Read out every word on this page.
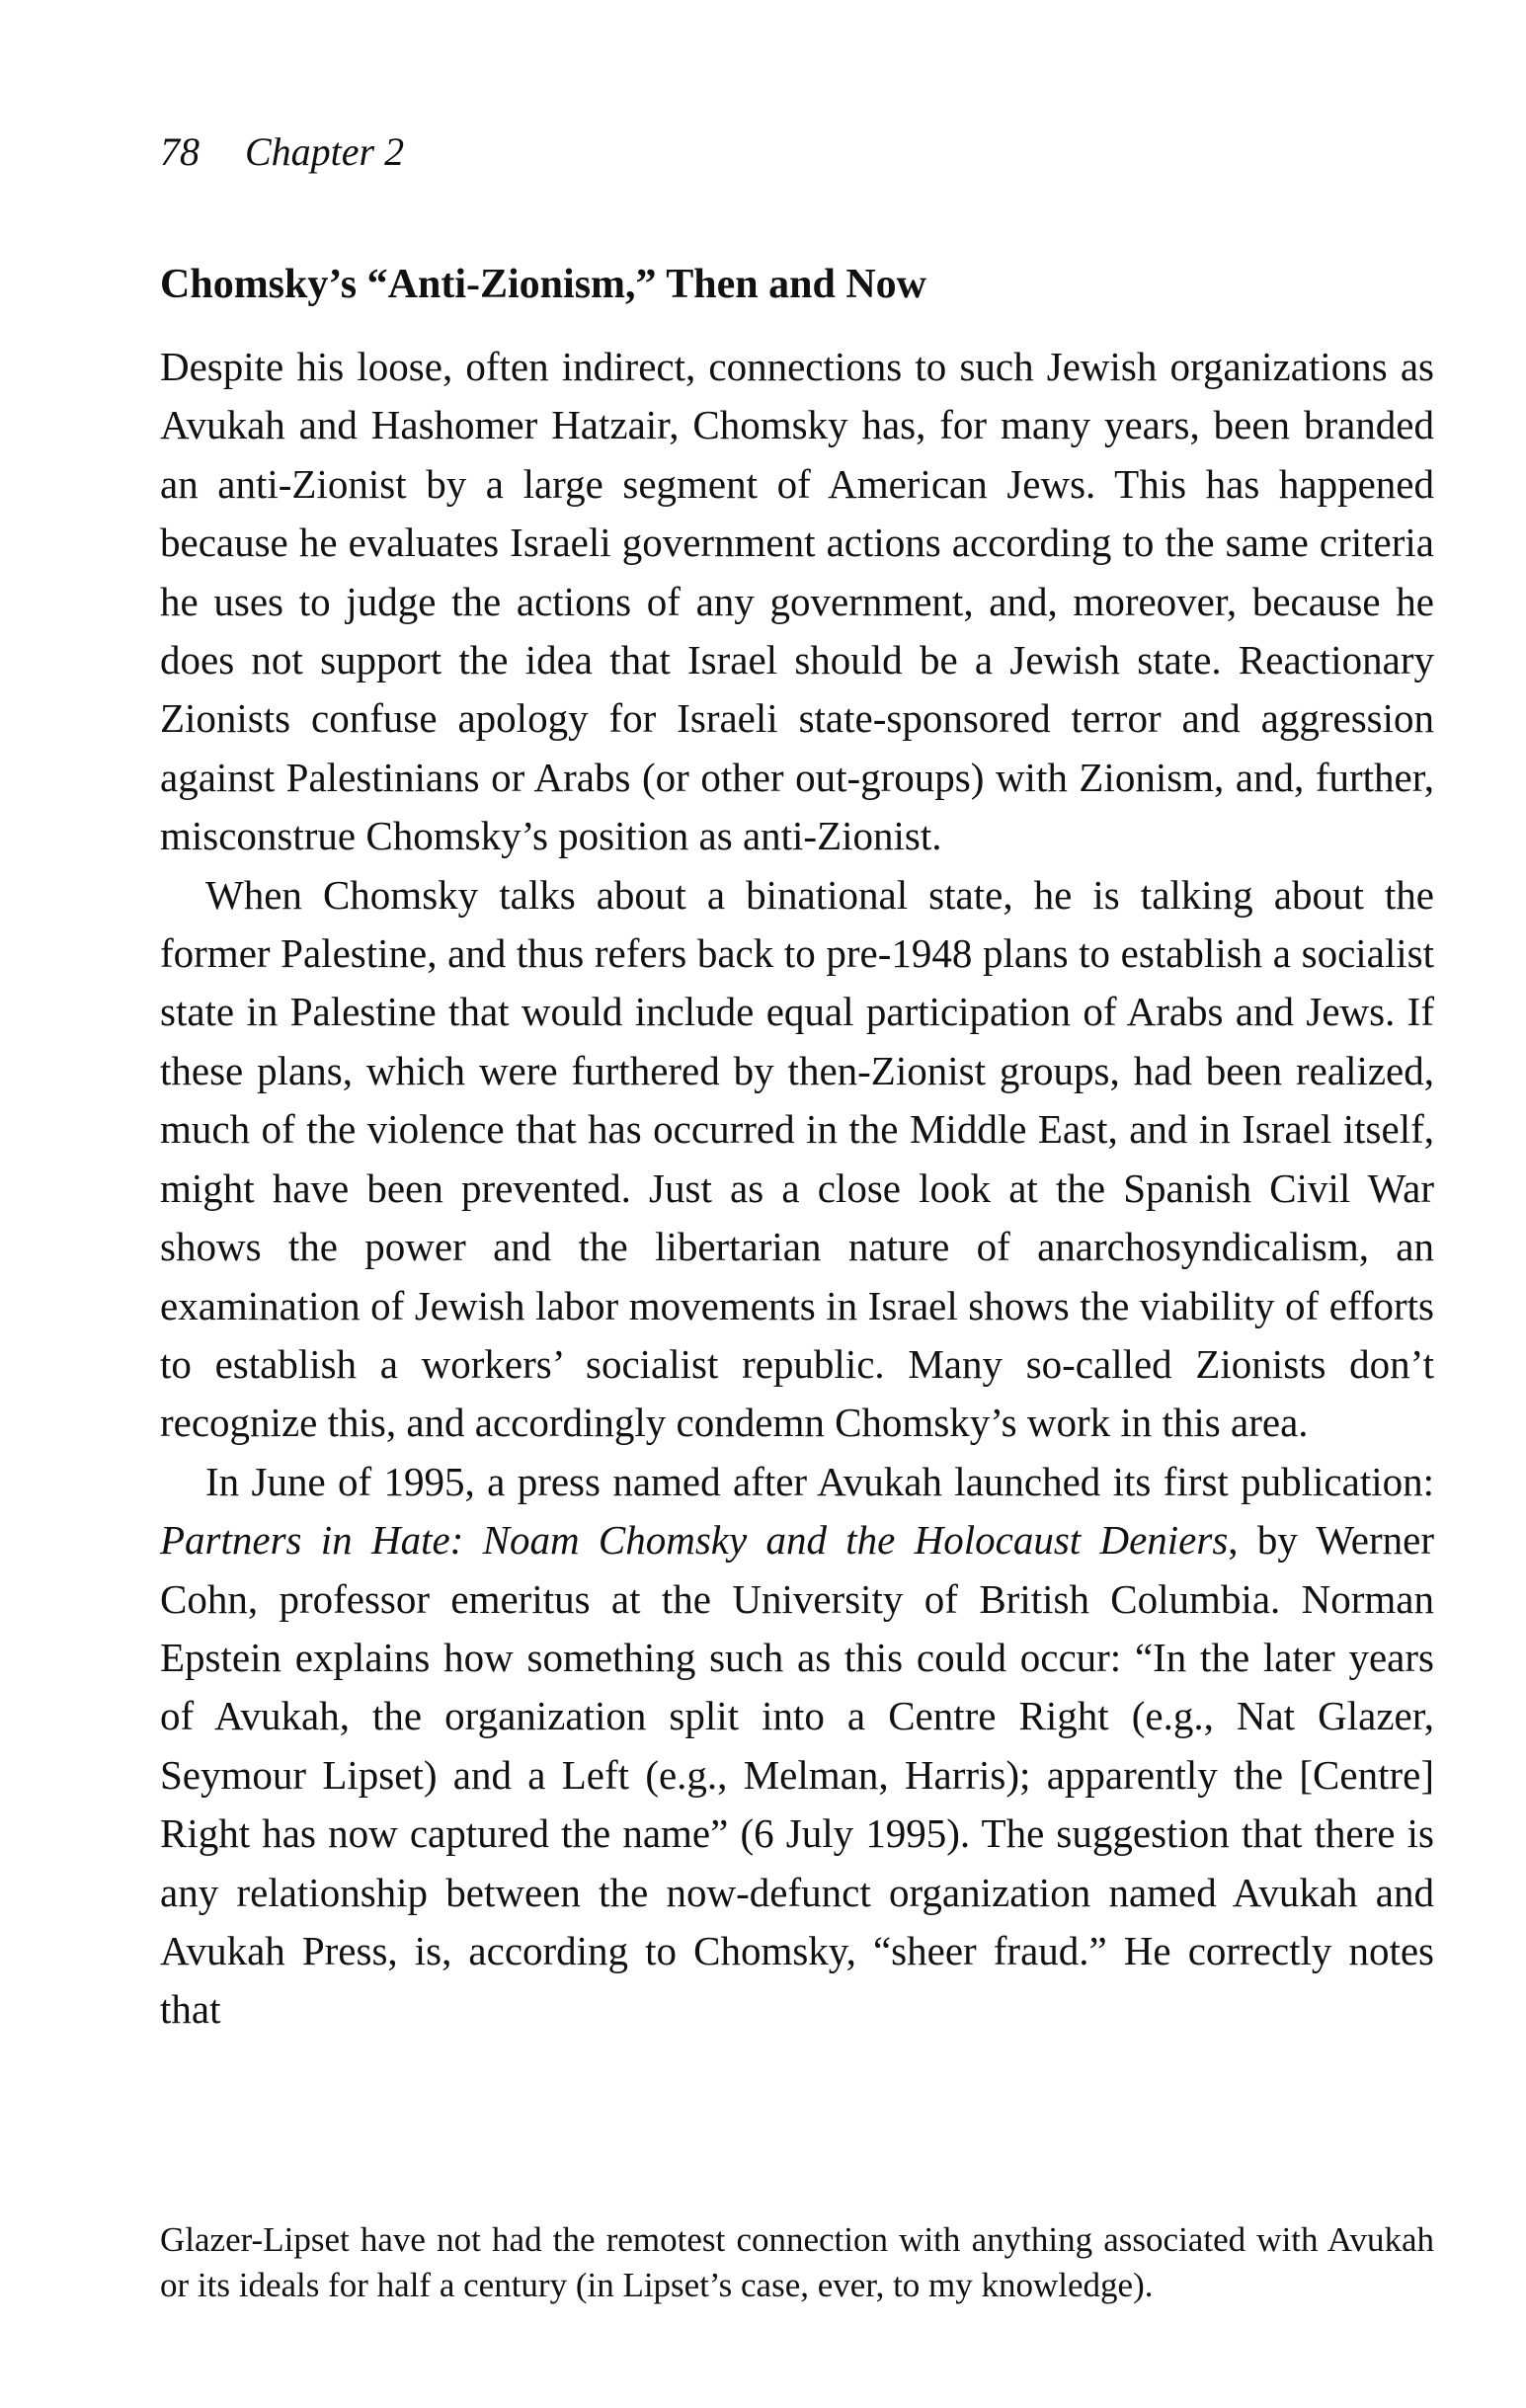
78 Chapter 2
Chomsky’s “Anti-Zionism,” Then and Now

Despite his loose, often indirect, connections to such Jewish organizations as Avukah and Hashomer Hatzair, Chomsky has, for many years, been branded an anti-Zionist by a large segment of American Jews. This has happened because he evaluates Israeli government actions according to the same criteria he uses to judge the actions of any government, and, moreover, because he does not support the idea that Israel should be a Jewish state. Reactionary Zionists confuse apology for Israeli state-sponsored terror and aggression against Palestinians or Arabs (or other out-groups) with Zionism, and, further, misconstrue Chomsky’s position as anti-Zionist.

When Chomsky talks about a binational state, he is talking about the former Palestine, and thus refers back to pre-1948 plans to establish a socialist state in Palestine that would include equal participation of Arabs and Jews. If these plans, which were furthered by then-Zionist groups, had been realized, much of the violence that has occurred in the Middle East, and in Israel itself, might have been prevented. Just as a close look at the Spanish Civil War shows the power and the libertarian nature of anarchosyndicalism, an examination of Jewish labor movements in Israel shows the viability of efforts to establish a workers’ socialist republic. Many so-called Zionists don’t recognize this, and accordingly condemn Chomsky’s work in this area.

In June of 1995, a press named after Avukah launched its first publication: Partners in Hate: Noam Chomsky and the Holocaust Deniers, by Werner Cohn, professor emeritus at the University of British Columbia. Norman Epstein explains how something such as this could occur: “In the later years of Avukah, the organization split into a Centre Right (e.g., Nat Glazer, Seymour Lipset) and a Left (e.g., Melman, Harris); apparently the [Centre] Right has now captured the name” (6 July 1995). The suggestion that there is any relationship between the now-defunct organization named Avukah and Avukah Press, is, according to Chomsky, “sheer fraud.” He correctly notes that

Glazer-Lipset have not had the remotest connection with anything associated with Avukah or its ideals for half a century (in Lipset’s case, ever, to my knowledge).
